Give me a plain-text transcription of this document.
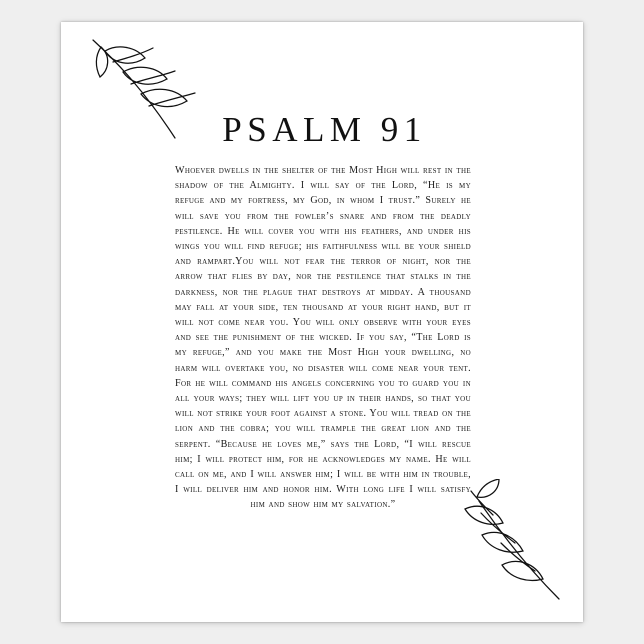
PSALM 91
Whoever dwells in the shelter of the Most High will rest in the shadow of the Almighty. I will say of the Lord, “He is my refuge and my fortress, my God, in whom I trust.” Surely he will save you from the fowler’s snare and from the deadly pestilence. He will cover you with his feathers, and under his wings you will find refuge; his faithfulness will be your shield and rampart.You will not fear the terror of night, nor the arrow that flies by day, nor the pestilence that stalks in the darkness, nor the plague that destroys at midday. A thousand may fall at your side, ten thousand at your right hand, but it will not come near you. You will only observe with your eyes and see the punishment of the wicked. If you say, “The Lord is my refuge,” and you make the Most High your dwelling, no harm will overtake you, no disaster will come near your tent. For he will command his angels concerning you to guard you in all your ways; they will lift you up in their hands, so that you will not strike your foot against a stone. You will tread on the lion and the cobra; you will trample the great lion and the serpent. “Because he loves me,” says the Lord, “I will rescue him; I will protect him, for he acknowledges my name. He will call on me, and I will answer him; I will be with him in trouble, I will deliver him and honor him. With long life I will satisfy him and show him my salvation.”
